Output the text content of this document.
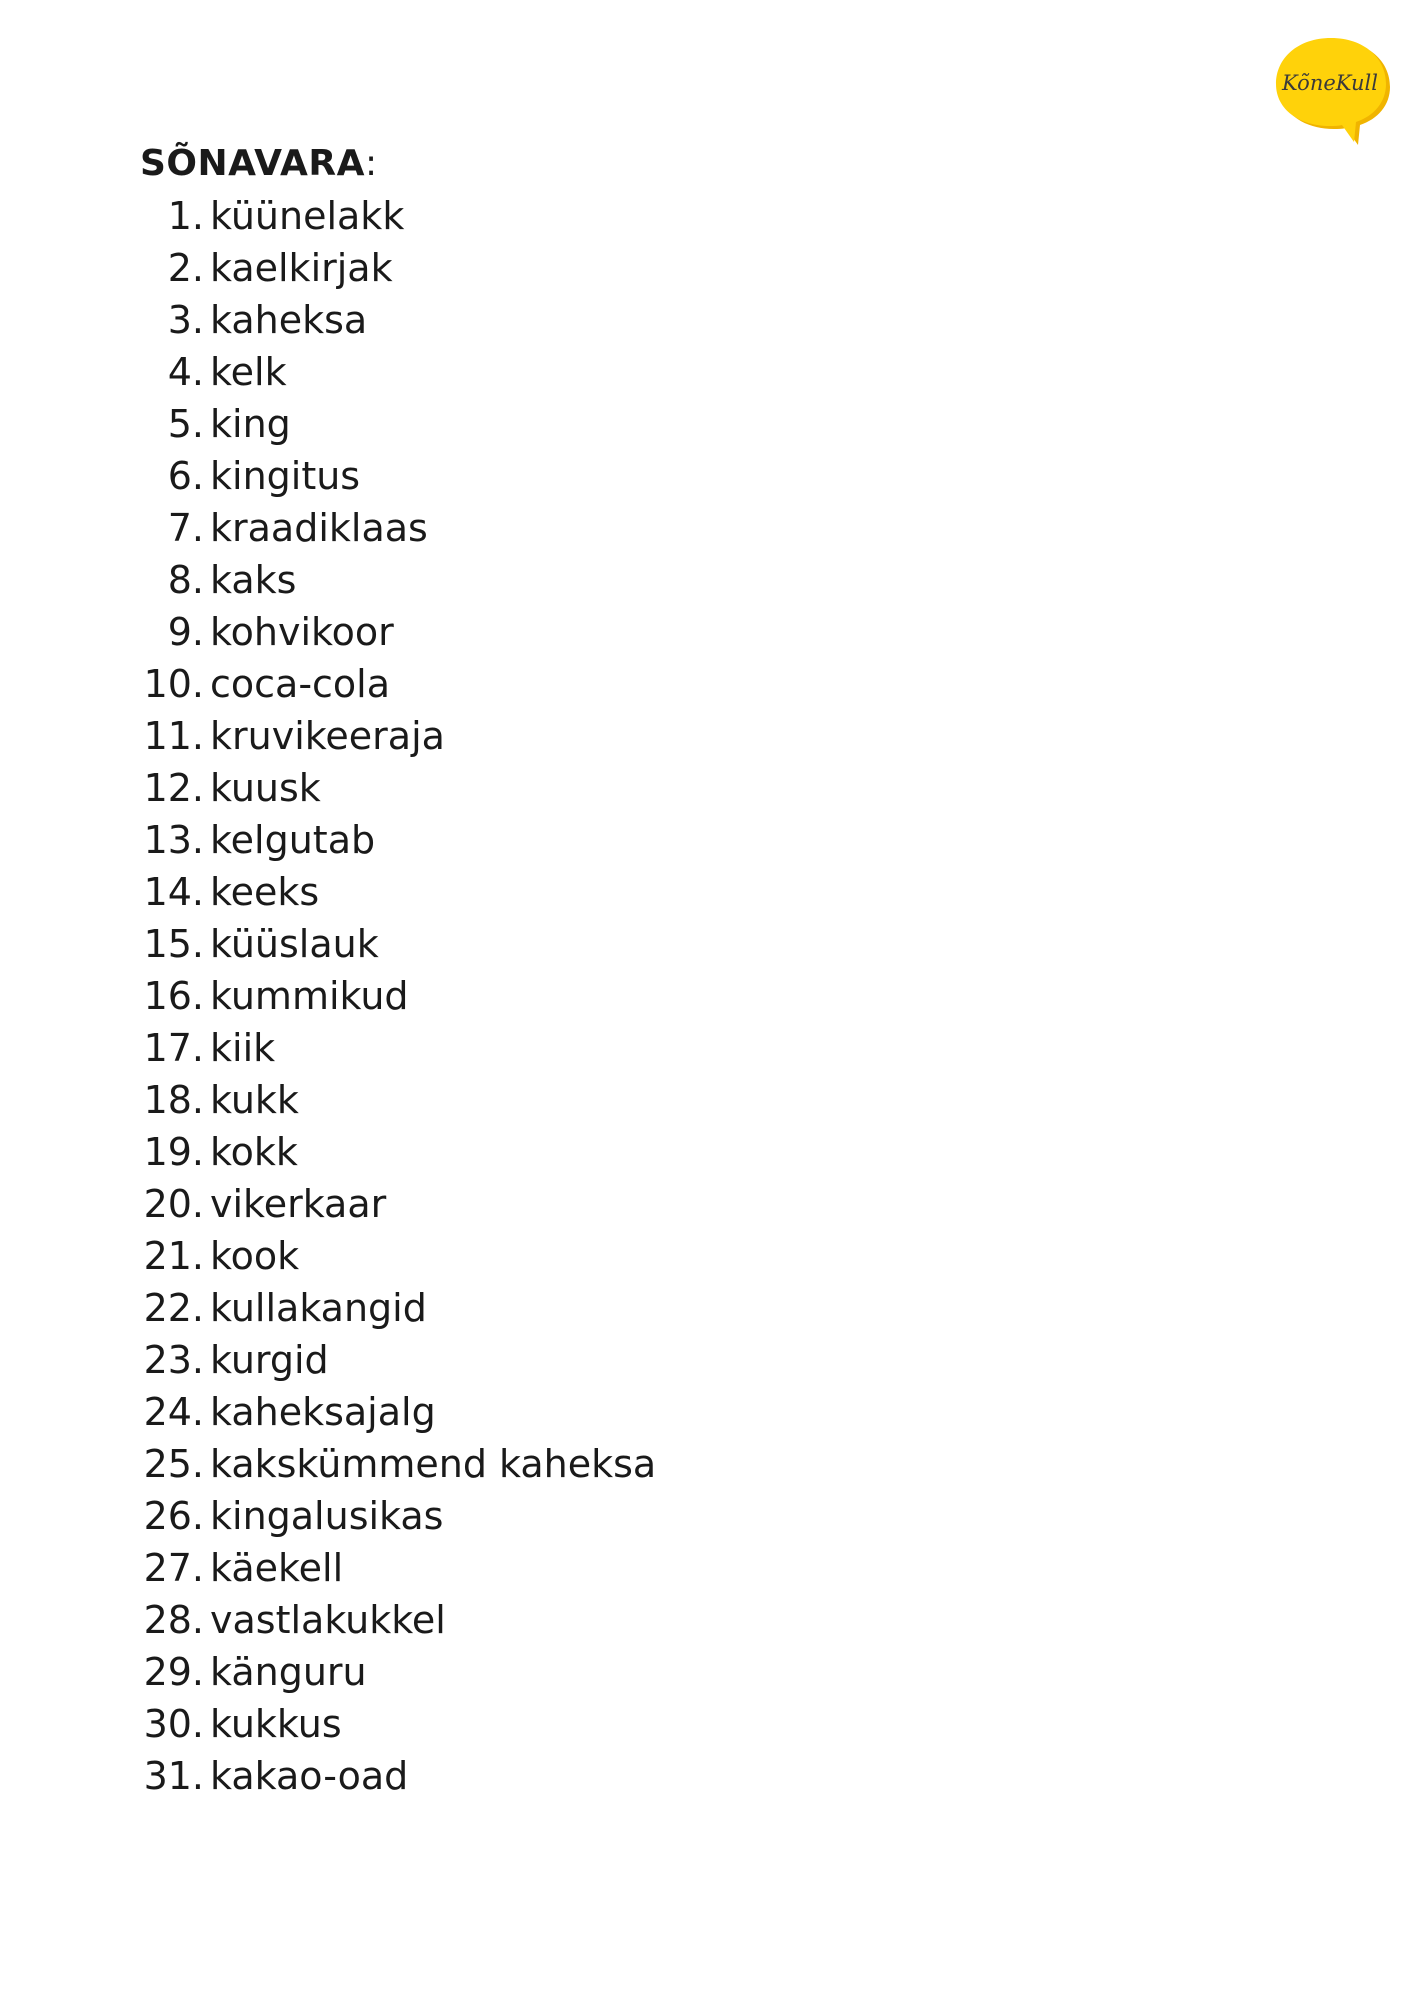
KõneKull
SÕNAVARA:
1. küünelakk
2. kaelkirjak
3. kaheksa
4. kelk
5. king
6. kingitus
7. kraadiklaas
8. kaks
9. kohvikoor
10. coca-cola
11. kruvikeeraja
12. kuusk
13. kelgutab
14. keeks
15. küüslauk
16. kummikud
17. kiik
18. kukk
19. kokk
20. vikerkaar
21. kook
22. kullakangid
23. kurgid
24. kaheksajalg
25. kakskümmend kaheksa
26. kingalusikas
27. käekell
28. vastlakukkel
29. känguru
30. kukkus
31. kakao-oad
